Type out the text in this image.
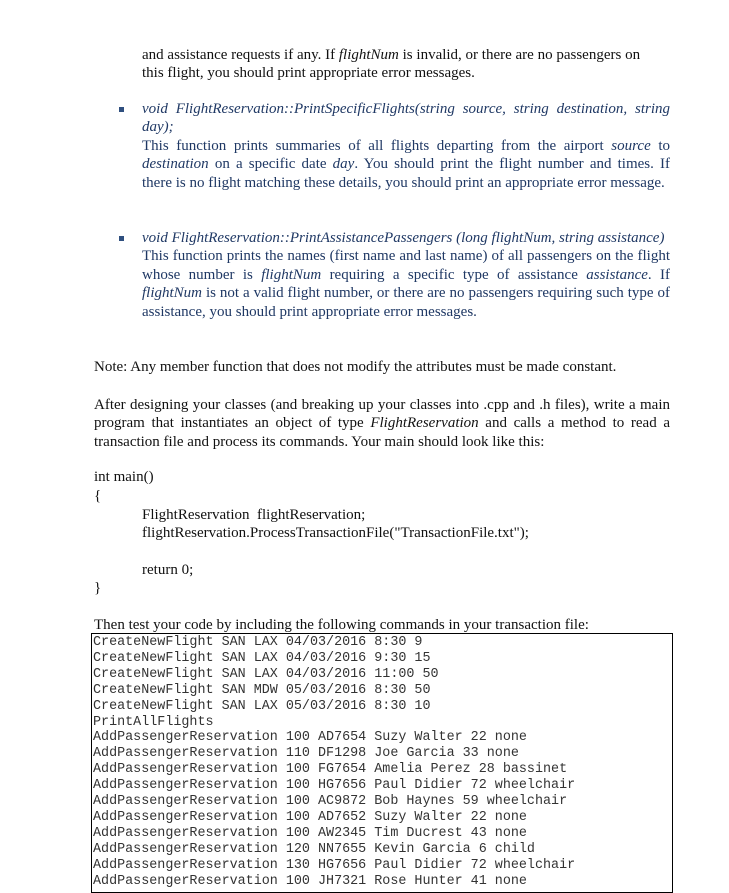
and assistance requests if any. If flightNum is invalid, or there are no passengers on

this flight, you should print appropriate error messages.

void FlightReservation::PrintSpecificFlights(string source, string destination, string day);
This function prints summaries of all flights departing from the airport source to destination on a specific date day. You should print the flight number and times. If there is no flight matching these details, you should print an appropriate error message.
void FlightReservation::PrintAssistancePassengers (long flightNum, string assistance)
This function prints the names (first name and last name) of all passengers on the flight whose number is flightNum requiring a specific type of assistance assistance. If flightNum is not a valid flight number, or there are no passengers requiring such type of assistance, you should print appropriate error messages.

Note: Any member function that does not modify the attributes must be made constant.

After designing your classes (and breaking up your classes into .cpp and .h files), write a main program that instantiates an object of type FlightReservation and calls a method to read a transaction file and process its commands. Your main should look like this:

int main()
{
FlightReservation  flightReservation;
flightReservation.ProcessTransactionFile("TransactionFile.txt");
return 0;
}

Then test your code by including the following commands in your transaction file:

CreateNewFlight SAN LAX 04/03/2016 8:30 9
CreateNewFlight SAN LAX 04/03/2016 9:30 15
CreateNewFlight SAN LAX 04/03/2016 11:00 50
CreateNewFlight SAN MDW 05/03/2016 8:30 50
CreateNewFlight SAN LAX 05/03/2016 8:30 10
PrintAllFlights
AddPassengerReservation 100 AD7654 Suzy Walter 22 none
AddPassengerReservation 110 DF1298 Joe Garcia 33 none
AddPassengerReservation 100 FG7654 Amelia Perez 28 bassinet
AddPassengerReservation 100 HG7656 Paul Didier 72 wheelchair
AddPassengerReservation 100 AC9872 Bob Haynes 59 wheelchair
AddPassengerReservation 100 AD7652 Suzy Walter 22 none
AddPassengerReservation 100 AW2345 Tim Ducrest 43 none
AddPassengerReservation 120 NN7655 Kevin Garcia 6 child
AddPassengerReservation 130 HG7656 Paul Didier 72 wheelchair
AddPassengerReservation 100 JH7321 Rose Hunter 41 none
